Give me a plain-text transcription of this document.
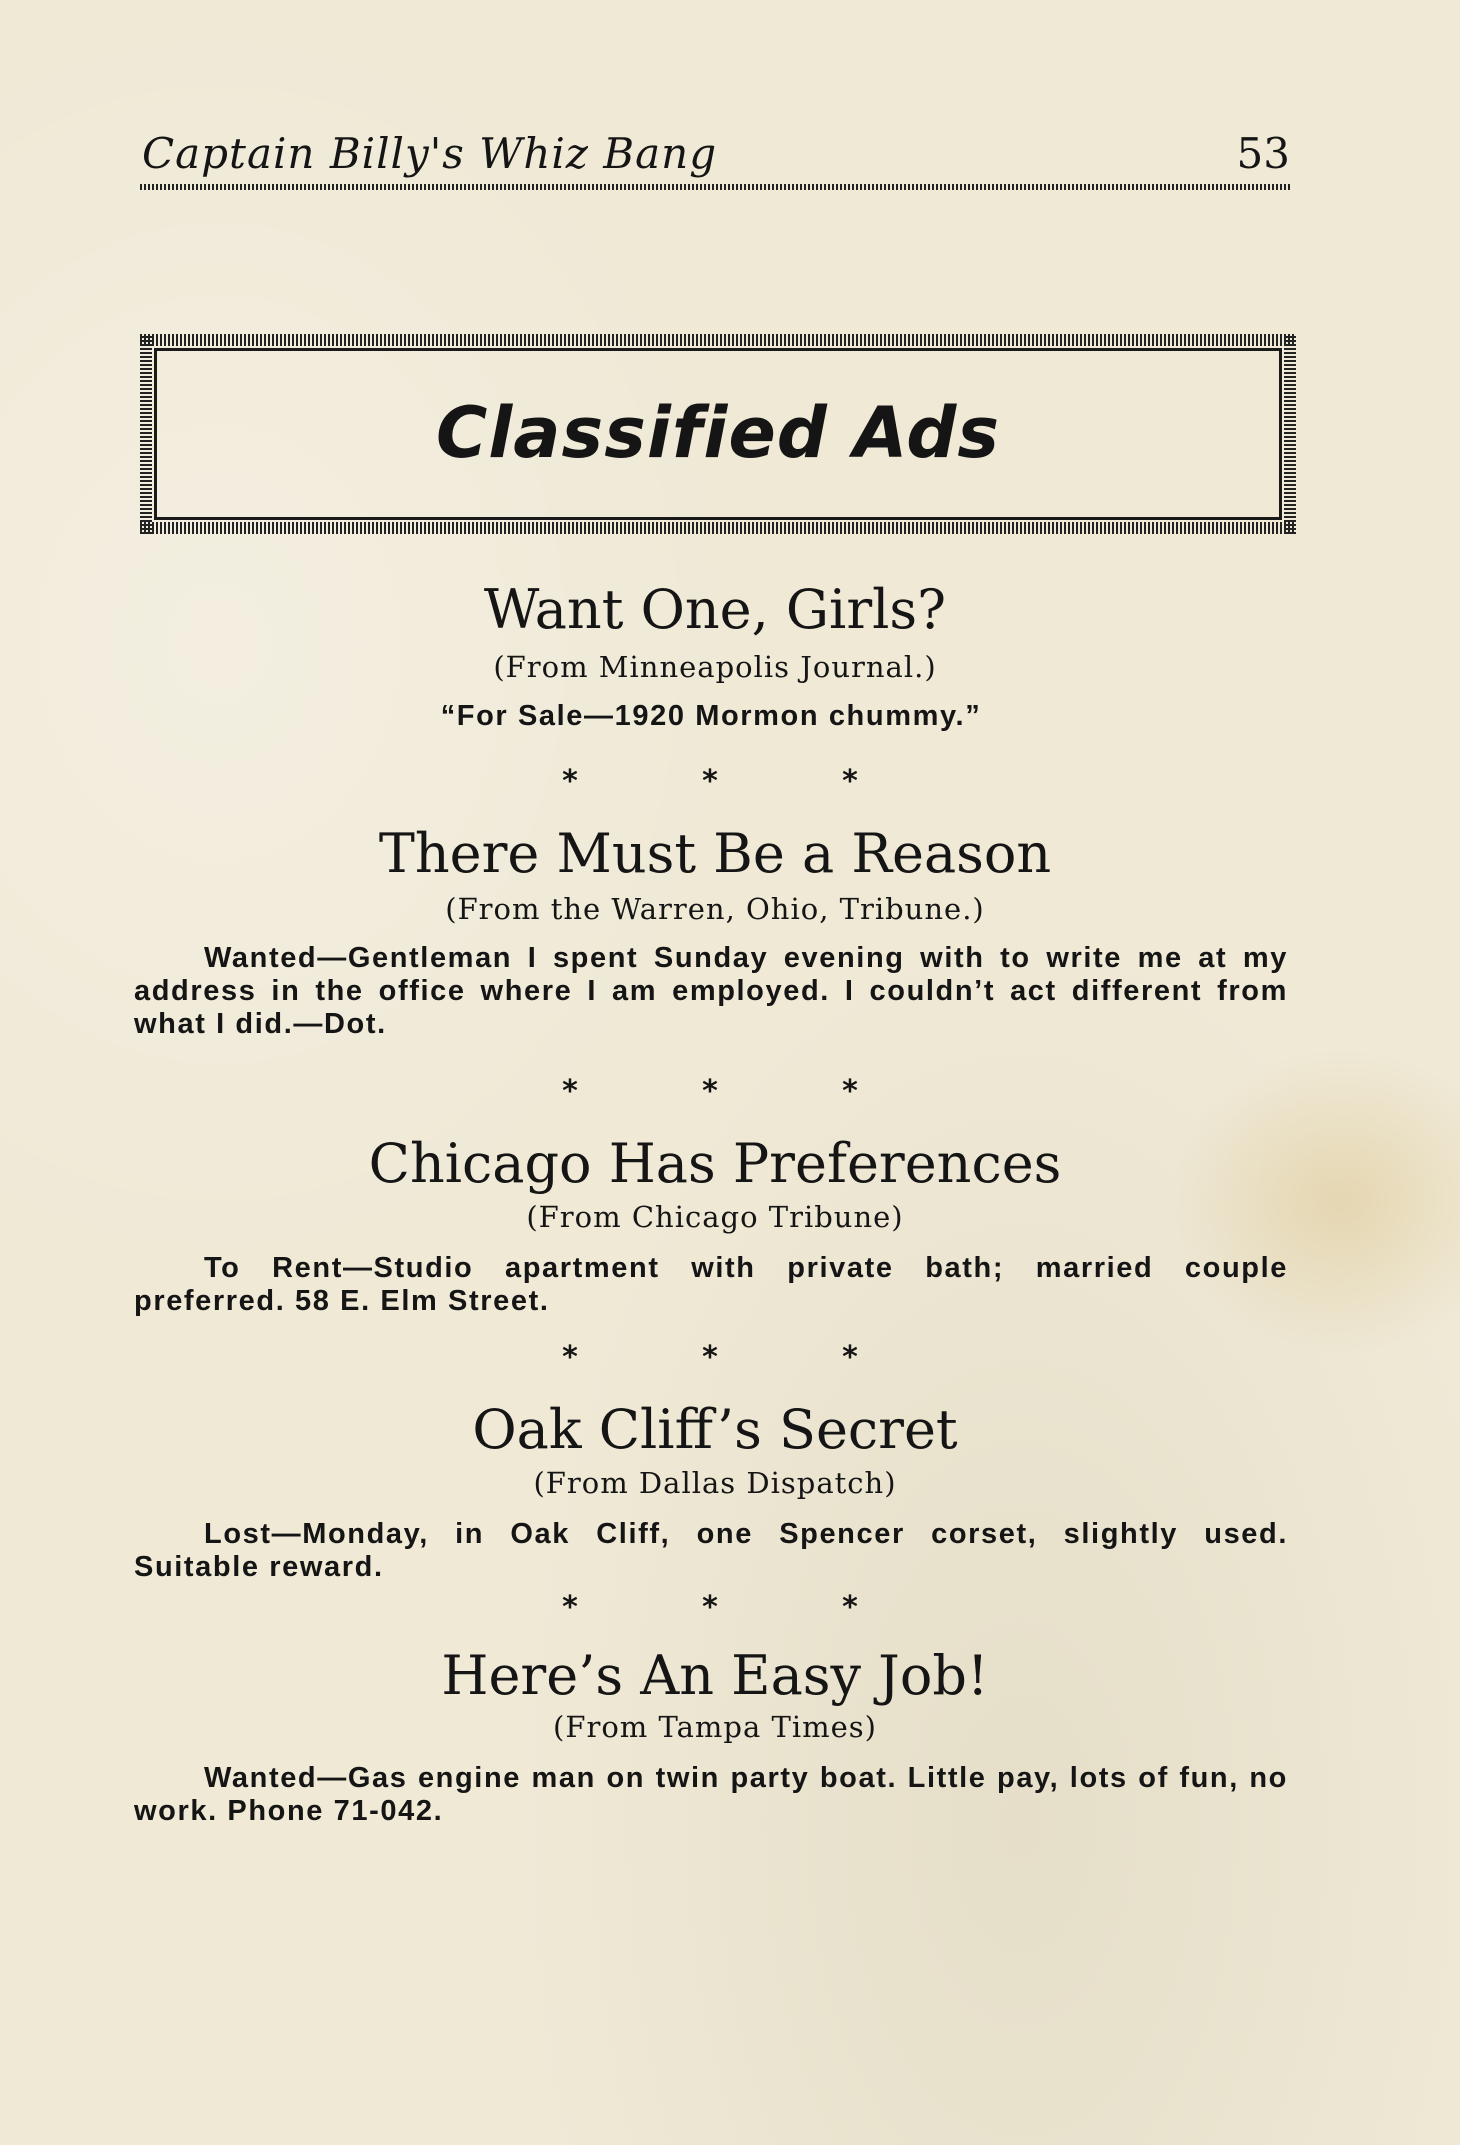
Captain Billy's Whiz Bang	53
Classified Ads
Want One, Girls?
(From Minneapolis Journal.)
“For Sale—1920 Mormon chummy.”
*	*	*
There Must Be a Reason
(From the Warren, Ohio, Tribune.)
Wanted—Gentleman I spent Sunday evening with to write me at my address in the office where I am employed. I couldn’t act different from what I did.—Dot.
*	*	*
Chicago Has Preferences
(From Chicago Tribune)
To Rent—Studio apartment with private bath; married couple preferred. 58 E. Elm Street.
*	*	*
Oak Cliff’s Secret
(From Dallas Dispatch)
Lost—Monday, in Oak Cliff, one Spencer corset, slightly used. Suitable reward.
*	*	*
Here’s An Easy Job!
(From Tampa Times)
Wanted—Gas engine man on twin party boat. Little pay, lots of fun, no work. Phone 71-042.
